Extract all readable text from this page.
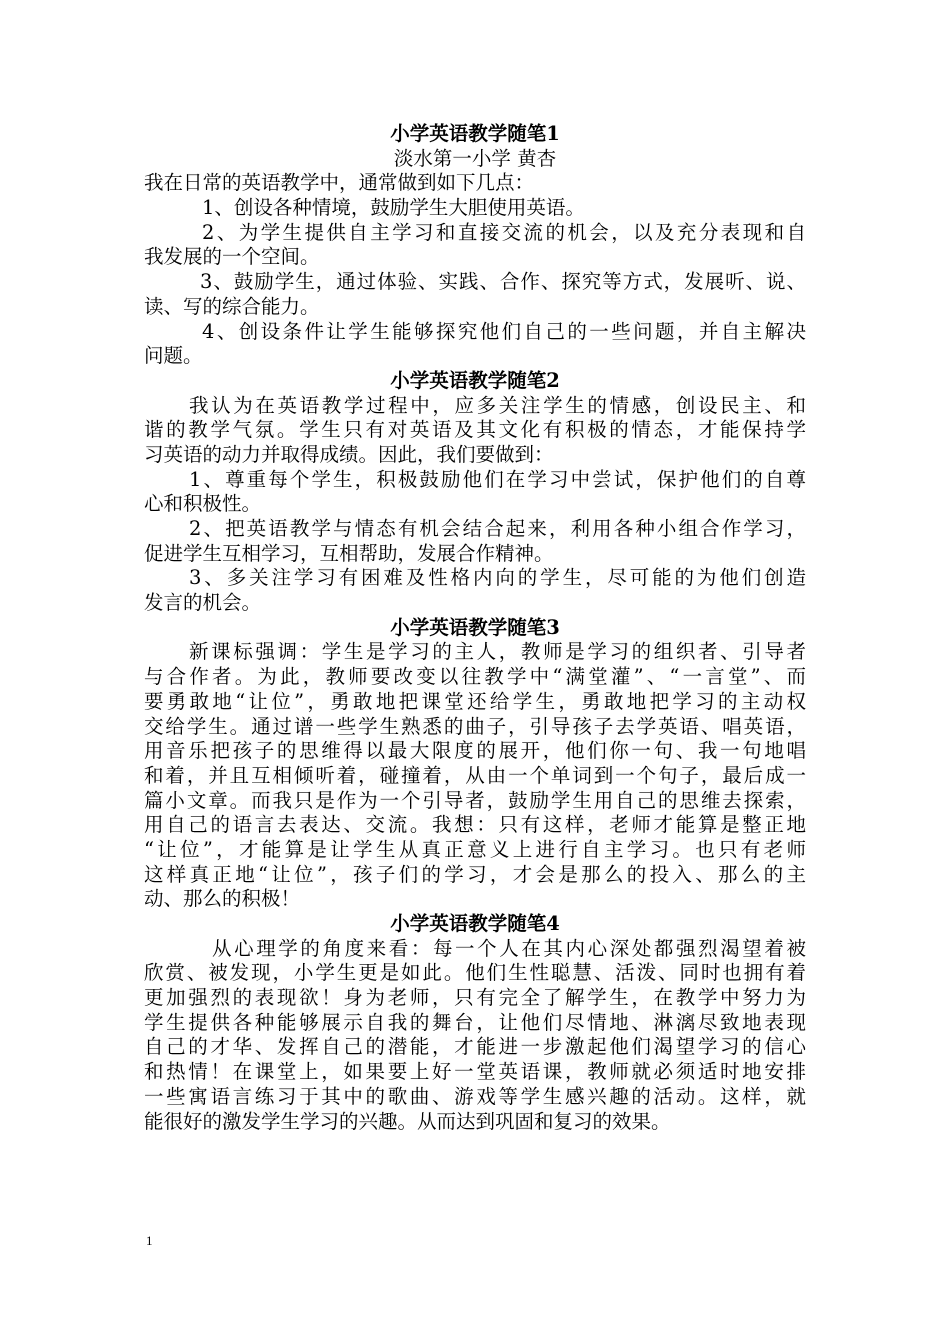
小学英语教学随笔1
淡水第一小学 黄杏
我在日常的英语教学中，通常做到如下几点：
1、创设各种情境，鼓励学生大胆使用英语。
2、为学生提供自主学习和直接交流的机会，以及充分表现和自
我发展的一个空间。
3、鼓励学生，通过体验、实践、合作、探究等方式，发展听、说、
读、写的综合能力。
4、创设条件让学生能够探究他们自己的一些问题，并自主解决
问题。
小学英语教学随笔2
我认为在英语教学过程中，应多关注学生的情感，创设民主、和
谐的教学气氛。学生只有对英语及其文化有积极的情态，才能保持学
习英语的动力并取得成绩。因此，我们要做到：
1、尊重每个学生，积极鼓励他们在学习中尝试，保护他们的自尊
心和积极性。
2、把英语教学与情态有机会结合起来，利用各种小组合作学习，
促进学生互相学习，互相帮助，发展合作精神。
3、多关注学习有困难及性格内向的学生，尽可能的为他们创造
发言的机会。
小学英语教学随笔3
新课标强调：学生是学习的主人，教师是学习的组织者、引导者
与合作者。为此，教师要改变以往教学中“满堂灌”、“一言堂”、而
要勇敢地“让位”，勇敢地把课堂还给学生，勇敢地把学习的主动权
交给学生。通过谱一些学生熟悉的曲子，引导孩子去学英语、唱英语，
用音乐把孩子的思维得以最大限度的展开，他们你一句、我一句地唱
和着，并且互相倾听着，碰撞着，从由一个单词到一个句子，最后成一
篇小文章。而我只是作为一个引导者，鼓励学生用自己的思维去探索，
用自己的语言去表达、交流。我想：只有这样，老师才能算是整正地
“让位”，才能算是让学生从真正意义上进行自主学习。也只有老师
这样真正地“让位”，孩子们的学习，才会是那么的投入、那么的主
动、那么的积极！
小学英语教学随笔4
从心理学的角度来看：每一个人在其内心深处都强烈渴望着被
欣赏、被发现，小学生更是如此。他们生性聪慧、活泼、同时也拥有着
更加强烈的表现欲！身为老师，只有完全了解学生，在教学中努力为
学生提供各种能够展示自我的舞台，让他们尽情地、淋漓尽致地表现
自己的才华、发挥自己的潜能，才能进一步激起他们渴望学习的信心
和热情！在课堂上，如果要上好一堂英语课，教师就必须适时地安排
一些寓语言练习于其中的歌曲、游戏等学生感兴趣的活动。这样，就
能很好的激发学生学习的兴趣。从而达到巩固和复习的效果。
1
